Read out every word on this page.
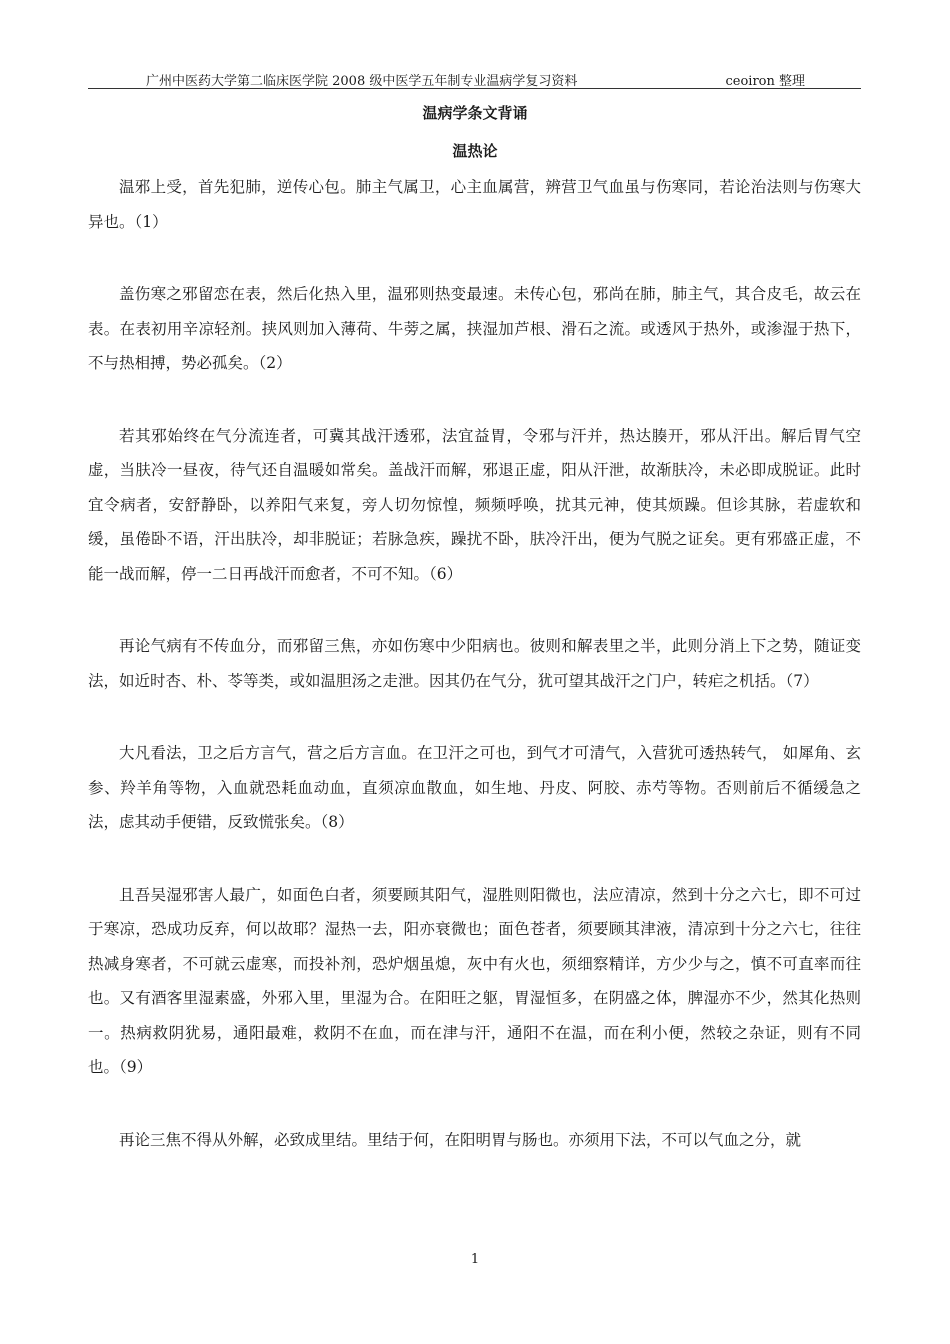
广州中医药大学第二临床医学院 2008 级中医学五年制专业温病学复习资料	ceoiron 整理
温病学条文背诵
温热论

温邪上受，首先犯肺，逆传心包。肺主气属卫，心主血属营，辨营卫气血虽与伤寒同，若论治法则与伤寒大异也。（1）

盖伤寒之邪留恋在表，然后化热入里，温邪则热变最速。未传心包，邪尚在肺，肺主气，其合皮毛，故云在表。在表初用辛凉轻剂。挟风则加入薄荷、牛蒡之属，挟湿加芦根、滑石之流。或透风于热外，或渗湿于热下，不与热相搏，势必孤矣。（2）

若其邪始终在气分流连者，可冀其战汗透邪，法宜益胃，令邪与汗并，热达腠开，邪从汗出。解后胃气空虚，当肤冷一昼夜，待气还自温暖如常矣。盖战汗而解，邪退正虚，阳从汗泄，故渐肤冷，未必即成脱证。此时宜令病者，安舒静卧，以养阳气来复，旁人切勿惊惶，频频呼唤，扰其元神，使其烦躁。但诊其脉，若虚软和缓，虽倦卧不语，汗出肤冷，却非脱证；若脉急疾，躁扰不卧，肤冷汗出，便为气脱之证矣。更有邪盛正虚，不能一战而解，停一二日再战汗而愈者，不可不知。（6）

再论气病有不传血分，而邪留三焦，亦如伤寒中少阳病也。彼则和解表里之半，此则分消上下之势，随证变法，如近时杏、朴、苓等类，或如温胆汤之走泄。因其仍在气分，犹可望其战汗之门户，转疟之机括。（7）

大凡看法，卫之后方言气，营之后方言血。在卫汗之可也，到气才可清气，入营犹可透热转气， 如犀角、玄参、羚羊角等物，入血就恐耗血动血，直须凉血散血，如生地、丹皮、阿胶、赤芍等物。否则前后不循缓急之法，虑其动手便错，反致慌张矣。（8）

且吾吴湿邪害人最广，如面色白者，须要顾其阳气，湿胜则阳微也，法应清凉，然到十分之六七，即不可过于寒凉，恐成功反弃，何以故耶？湿热一去，阳亦衰微也；面色苍者，须要顾其津液，清凉到十分之六七，往往热减身寒者，不可就云虚寒，而投补剂，恐炉烟虽熄，灰中有火也，须细察精详，方少少与之，慎不可直率而往也。又有酒客里湿素盛，外邪入里，里湿为合。在阳旺之躯，胃湿恒多，在阴盛之体，脾湿亦不少，然其化热则一。热病救阴犹易，通阳最难，救阴不在血，而在津与汗，通阳不在温，而在利小便，然较之杂证，则有不同也。（9）

再论三焦不得从外解，必致成里结。里结于何，在阳明胃与肠也。亦须用下法，不可以气血之分，就

1
